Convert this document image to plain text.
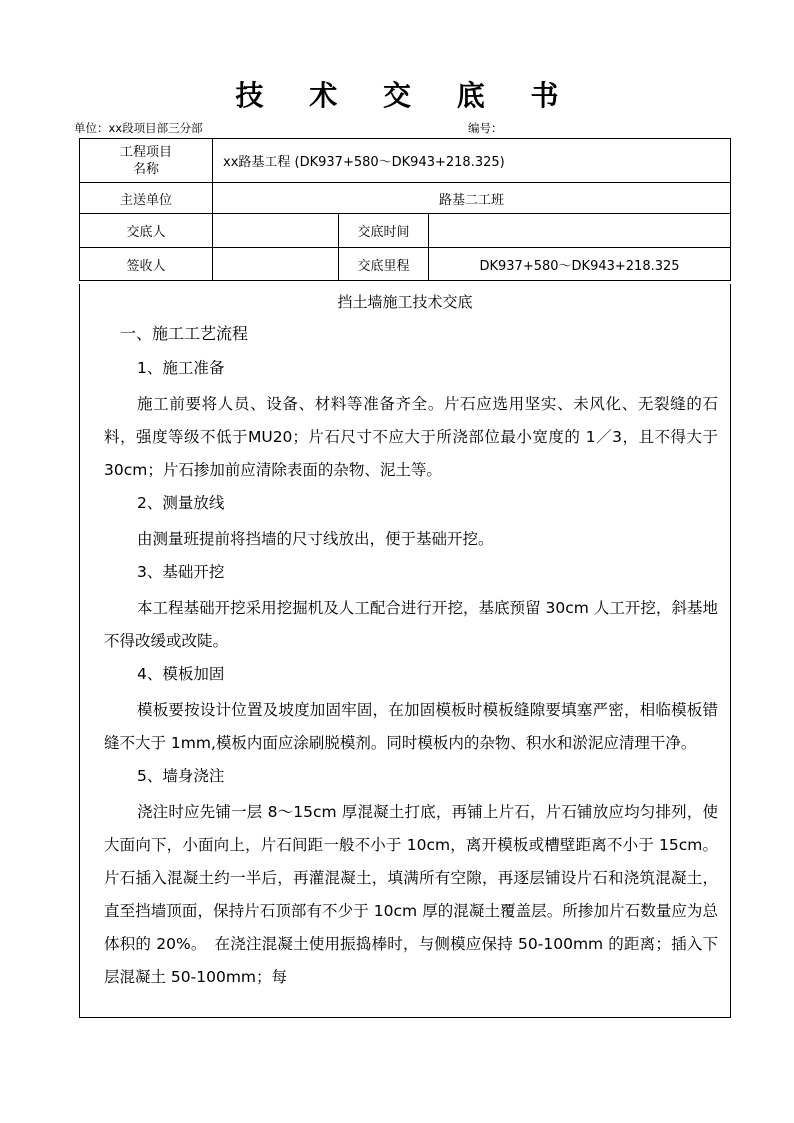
技 术 交 底 书
单位：xx段项目部三分部	编号：
工程项目名称	xx路基工程 (DK937+580～DK943+218.325)		
主送单位	路基二工班		
交底人		交底时间	
签收人		交底里程	DK937+580～DK943+218.325
挡土墙施工技术交底
一、施工工艺流程
1、施工准备

施工前要将人员、设备、材料等准备齐全。片石应选用坚实、未风化、无裂缝的石料，强度等级不低于MU20；片石尺寸不应大于所浇部位最小宽度的 1／3，且不得大于 30cm；片石掺加前应清除表面的杂物、泥土等。

2、测量放线

由测量班提前将挡墙的尺寸线放出，便于基础开挖。

3、基础开挖

本工程基础开挖采用挖掘机及人工配合进行开挖，基底预留 30cm 人工开挖，斜基地不得改缓或改陡。

4、模板加固

模板要按设计位置及坡度加固牢固，在加固模板时模板缝隙要填塞严密，相临模板错缝不大于 1mm,模板内面应涂刷脱模剂。同时模板内的杂物、积水和淤泥应清理干净。

5、墙身浇注

浇注时应先铺一层 8～15cm 厚混凝土打底，再铺上片石，片石铺放应均匀排列，使大面向下，小面向上，片石间距一般不小于 10cm，离开模板或槽壁距离不小于 15cm。片石插入混凝土约一半后，再灌混凝土，填满所有空隙，再逐层铺设片石和浇筑混凝土，直至挡墙顶面，保持片石顶部有不少于 10cm 厚的混凝土覆盖层。所掺加片石数量应为总体积的 20%。　在浇注混凝土使用振捣棒时，与侧模应保持 50-100mm 的距离；插入下层混凝土 50-100mm；每
